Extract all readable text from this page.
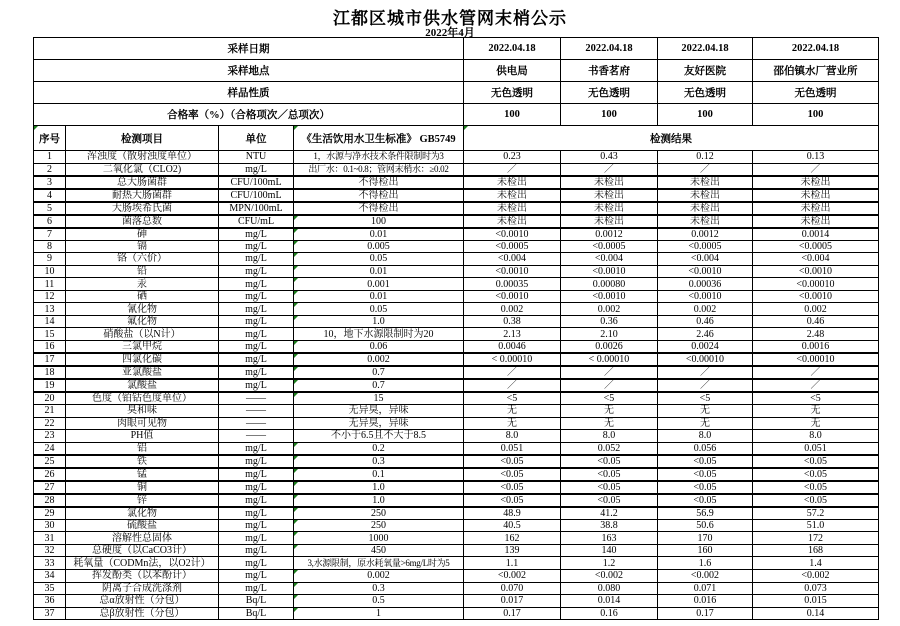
江都区城市供水管网末梢公示
2022年4月
采样日期				2022.04.18	2022.04.18	2022.04.18	2022.04.18
采样地点				供电局	书香茗府	友好医院	邵伯镇水厂营业所
样品性质				无色透明	无色透明	无色透明	无色透明
合格率（%）（合格项次／总项次）				100	100	100	100
序号	检测项目	单位	《生活饮用水卫生标准》 GB5749	检测结果			

1	浑浊度（散射浊度单位）	NTU	1，水源与净水技术条件限制时为3	0.23	0.43	0.12	0.13
2	二氧化氯（CLO2)	mg/L	出厂水：0.1~0.8；管网末梢水：≥0.02	／	／	／	／
3	总大肠菌群	CFU/100mL	不得检出	未检出	未检出	未检出	未检出
4	耐热大肠菌群	CFU/100mL	不得检出	未检出	未检出	未检出	未检出
5	大肠埃希氏菌	MPN/100mL	不得检出	未检出	未检出	未检出	未检出
6	菌落总数	CFU/mL	100	未检出	未检出	未检出	未检出
7	砷	mg/L	0.01	<0.0010	0.0012	0.0012	0.0014
8	镉	mg/L	0.005	<0.0005	<0.0005	<0.0005	<0.0005
9	铬（六价）	mg/L	0.05	<0.004	<0.004	<0.004	<0.004
10	铅	mg/L	0.01	<0.0010	<0.0010	<0.0010	<0.0010
11	汞	mg/L	0.001	0.00035	0.00080	0.00036	<0.00010
12	硒	mg/L	0.01	<0.0010	<0.0010	<0.0010	<0.0010
13	氰化物	mg/L	0.05	0.002	0.002	0.002	0.002
14	氟化物	mg/L	1.0	0.38	0.36	0.46	0.46
15	硝酸盐（以N计）	mg/L	10，地下水源限制时为20	2.13	2.10	2.46	2.48
16	三氯甲烷	mg/L	0.06	0.0046	0.0026	0.0024	0.0016
17	四氯化碳	mg/L	0.002	< 0.00010	< 0.00010	<0.00010	<0.00010
18	亚氯酸盐	mg/L	0.7	／	／	／	／
19	氯酸盐	mg/L	0.7	／	／	／	／
20	色度（铂钴色度单位）	——	15	<5	<5	<5	<5
21	臭和味	——	无异臭，异味	无	无	无	无
22	肉眼可见物	——	无异臭，异味	无	无	无	无
23	PH值	——	不小于6.5且不大于8.5	8.0	8.0	8.0	8.0
24	铝	mg/L	0.2	0.051	0.052	0.056	0.051
25	铁	mg/L	0.3	<0.05	<0.05	<0.05	<0.05
26	锰	mg/L	0.1	<0.05	<0.05	<0.05	<0.05
27	铜	mg/L	1.0	<0.05	<0.05	<0.05	<0.05
28	锌	mg/L	1.0	<0.05	<0.05	<0.05	<0.05
29	氯化物	mg/L	250	48.9	41.2	56.9	57.2
30	硫酸盐	mg/L	250	40.5	38.8	50.6	51.0
31	溶解性总固体	mg/L	1000	162	163	170	172
32	总硬度（以CaCO3计）	mg/L	450	139	140	160	168
33	耗氧量（CODMn法，以O2计）	mg/L	3,水源限制，原水耗氧量>6mg/L时为5	1.1	1.2	1.6	1.4
34	挥发酚类（以苯酚计）	mg/L	0.002	<0.002	<0.002	<0.002	<0.002
35	阴离子合成洗涤剂	mg/L	0.3	0.070	0.080	0.071	0.073
36	总α放射性（分包）	Bq/L	0.5	0.017	0.014	0.016	0.015
37	总β放射性（分包）	Bq/L	1	0.17	0.16	0.17	0.14
